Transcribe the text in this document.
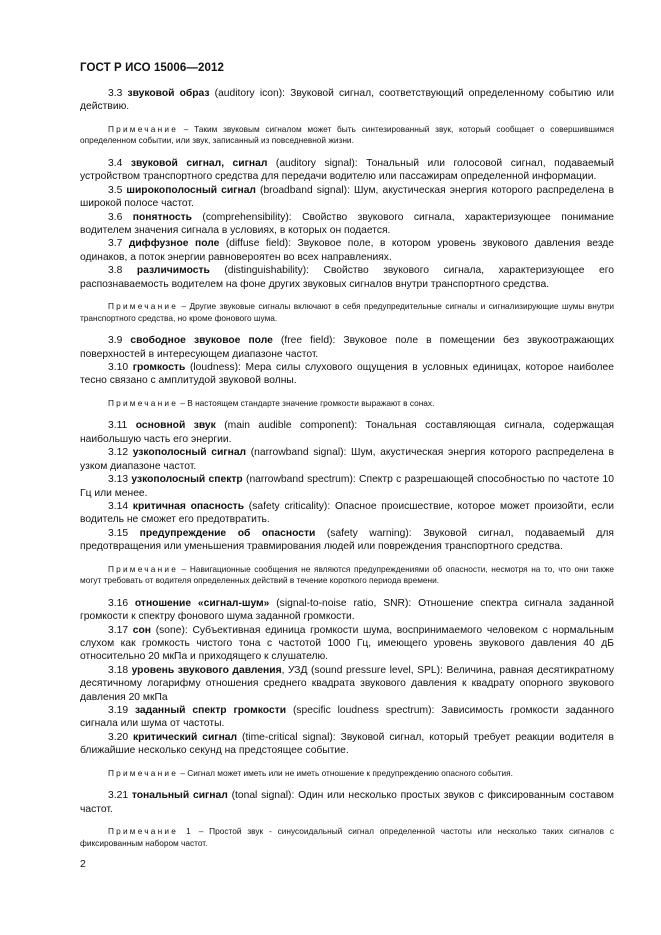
ГОСТ Р ИСО 15006—2012

3.3 звуковой образ (auditory icon): Звуковой сигнал, соответствующий определенному событию или действию.

Примечание – Таким звуковым сигналом может быть синтезированный звук, который сообщает о совершившимся определенном событии, или звук, записанный из повседневной жизни.

3.4 звуковой сигнал, сигнал (auditory signal): Тональный или голосовой сигнал, подаваемый устройством транспортного средства для передачи водителю или пассажирам определенной информации.

3.5 широкополосный сигнал (broadband signal): Шум, акустическая энергия которого распределена в широкой полосе частот.

3.6 понятность (comprehensibility): Свойство звукового сигнала, характеризующее понимание водителем значения сигнала в условиях, в которых он подается.

3.7 диффузное поле (diffuse field): Звуковое поле, в котором уровень звукового давления везде одинаков, а поток энергии равновероятен во всех направлениях.

3.8 различимость (distinguishability): Свойство звукового сигнала, характеризующее его распознаваемость водителем на фоне других звуковых сигналов внутри транспортного средства.

Примечание – Другие звуковые сигналы включают в себя предупредительные сигналы и сигнализирующие шумы внутри транспортного средства, но кроме фонового шума.

3.9 свободное звуковое поле (free field): Звуковое поле в помещении без звукоотражающих поверхностей в интересующем диапазоне частот.

3.10 громкость (loudness): Мера силы слухового ощущения в условных единицах, которое наиболее тесно связано с амплитудой звуковой волны.

Примечание – В настоящем стандарте значение громкости выражают в сонах.

3.11 основной звук (main audible component): Тональная составляющая сигнала, содержащая наибольшую часть его энергии.

3.12 узкополосный сигнал (narrowband signal): Шум, акустическая энергия которого распределена в узком диапазоне частот.

3.13 узкополосный спектр (narrowband spectrum): Спектр с разрешающей способностью по частоте 10 Гц или менее.

3.14 критичная опасность (safety criticality): Опасное происшествие, которое может произойти, если водитель не сможет его предотвратить.

3.15 предупреждение об опасности (safety warning): Звуковой сигнал, подаваемый для предотвращения или уменьшения травмирования людей или повреждения транспортного средства.

Примечание – Навигационные сообщения не являются предупреждениями об опасности, несмотря на то, что они также могут требовать от водителя определенных действий в течение короткого периода времени.

3.16 отношение «сигнал-шум» (signal-to-noise ratio, SNR): Отношение спектра сигнала заданной громкости к спектру фонового шума заданной громкости.

3.17 сон (sone): Субъективная единица громкости шума, воспринимаемого человеком с нормальным слухом как громкость чистого тона с частотой 1000 Гц, имеющего уровень звукового давления 40 дБ относительно 20 мкПа и приходящего к слушателю.

3.18 уровень звукового давления, УЗД (sound pressure level, SPL): Величина, равная десятикратному десятичному логарифму отношения среднего квадрата звукового давления к квадрату опорного звукового давления 20 мкПа

3.19 заданный спектр громкости (specific loudness spectrum): Зависимость громкости заданного сигнала или шума от частоты.

3.20 критический сигнал (time-critical signal): Звуковой сигнал, который требует реакции водителя в ближайшие несколько секунд на предстоящее событие.

Примечание – Сигнал может иметь или не иметь отношение к предупреждению опасного события.

3.21 тональный сигнал (tonal signal): Один или несколько простых звуков с фиксированным составом частот.

Примечание 1 – Простой звук - синусоидальный сигнал определенной частоты или несколько таких сигналов с фиксированным набором частот.

2
